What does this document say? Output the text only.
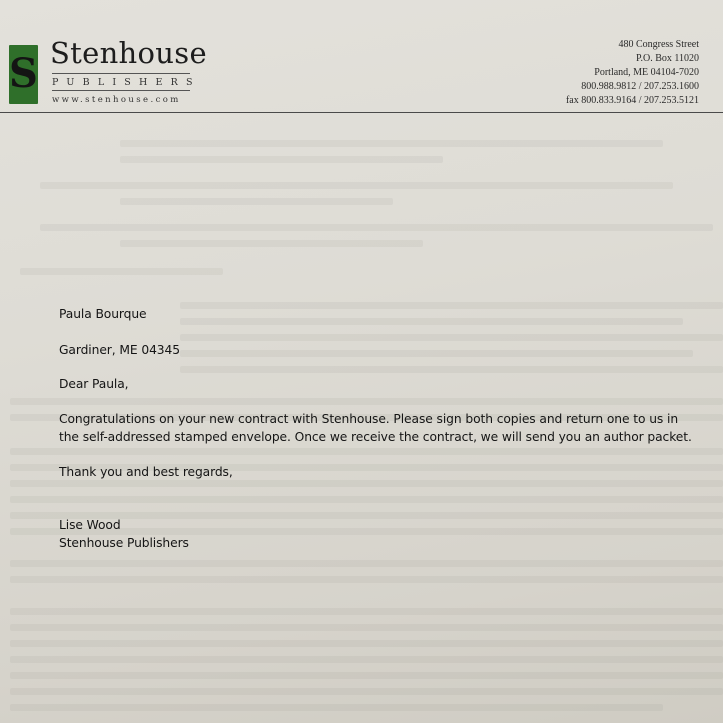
S Stenhouse
PUBLISHERS
www.stenhouse.com
480 Congress Street
P.O. Box 11020
Portland, ME 04104-7020
800.988.9812 / 207.253.1600
fax 800.833.9164 / 207.253.5121
Paula Bourque
Gardiner, ME 04345
Dear Paula,
Congratulations on your new contract with Stenhouse. Please sign both copies and return one to us in
the self-addressed stamped envelope. Once we receive the contract, we will send you an author packet.
Thank you and best regards,
Lise Wood
Stenhouse Publishers
